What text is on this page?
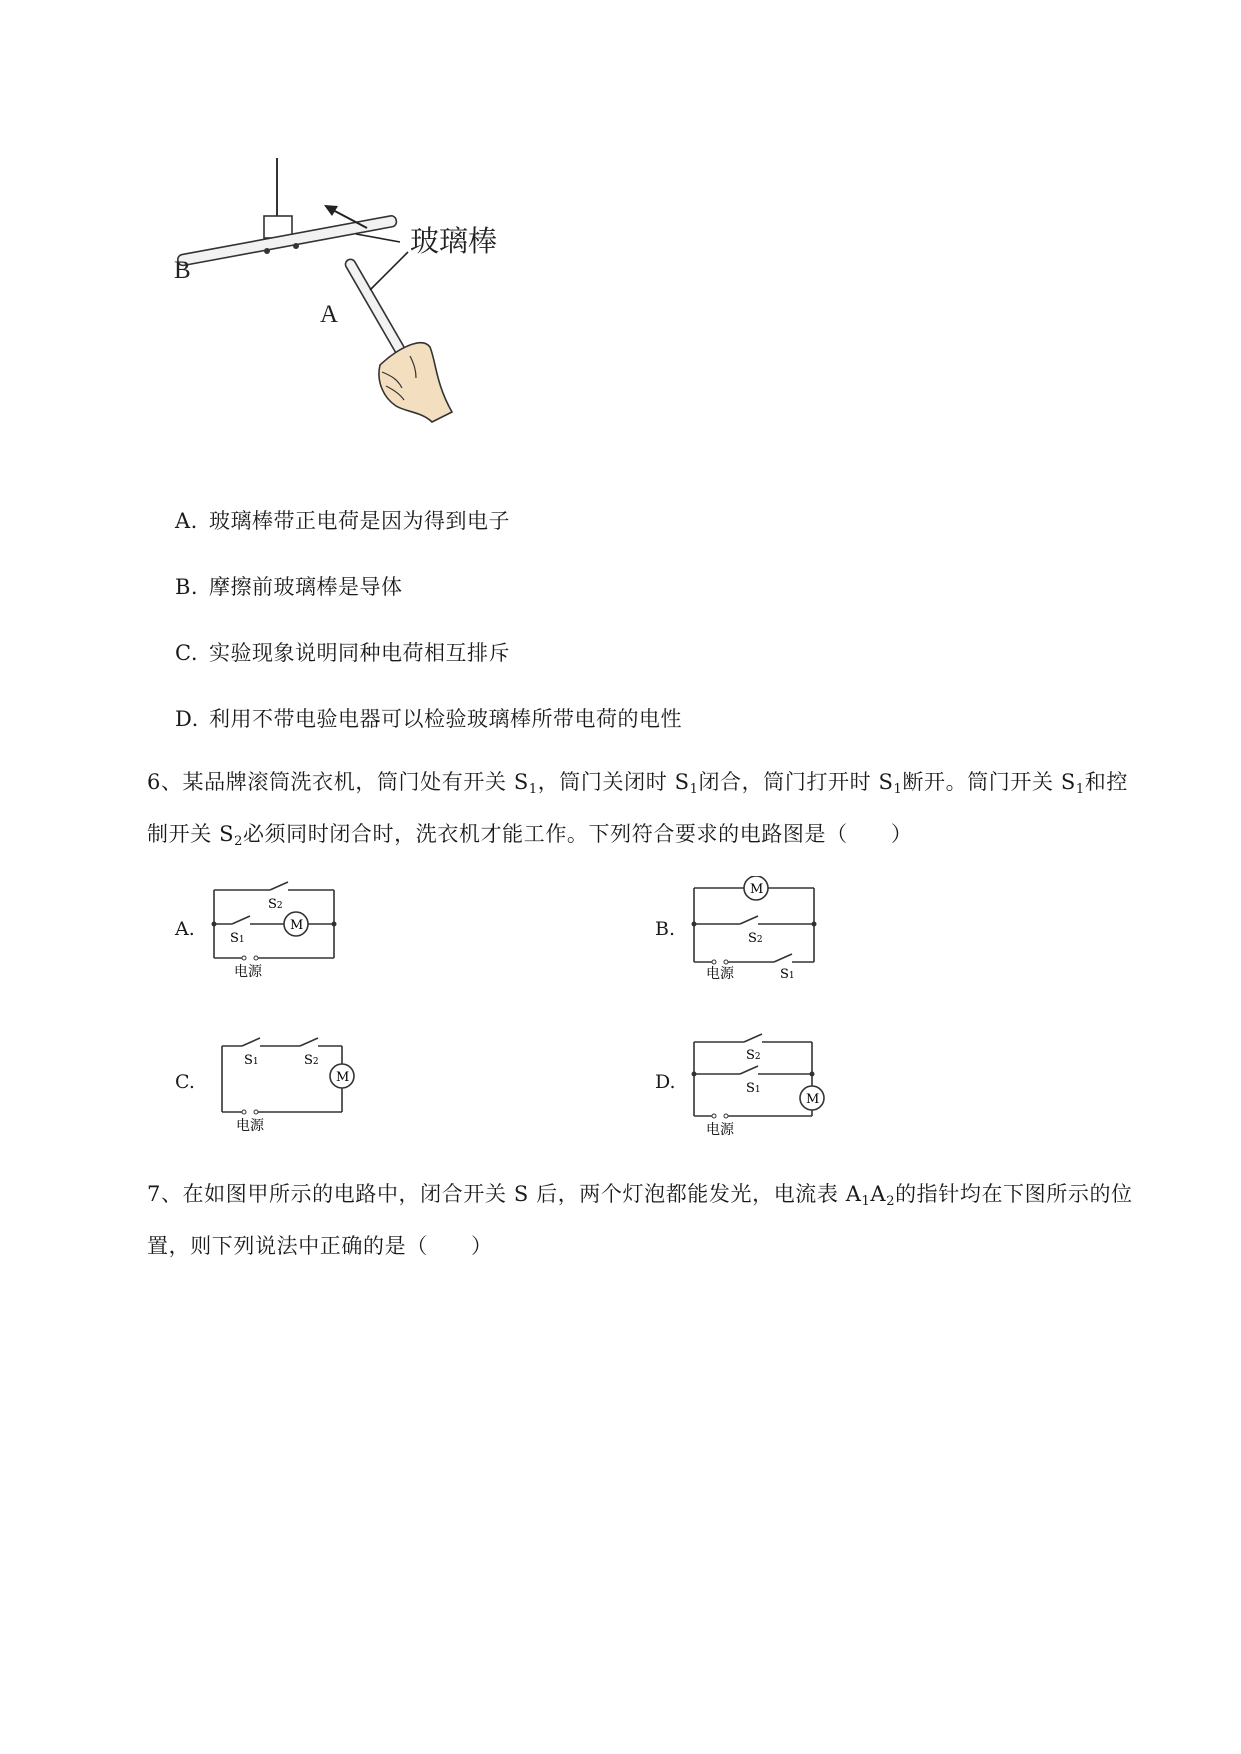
玻璃棒
B
A
A. 玻璃棒带正电荷是因为得到电子
B. 摩擦前玻璃棒是导体
C. 实验现象说明同种电荷相互排斥
D. 利用不带电验电器可以检验玻璃棒所带电荷的电性
6、某品牌滚筒洗衣机，筒门处有开关 $S_1$，筒门关闭时 $S_1$闭合，筒门打开时 $S_1$断开。筒门开关 $S_1$和控
制开关 $S_2$必须同时闭合时，洗衣机才能工作。下列符合要求的电路图是（　　）
A.	B.
C.	D.
M
S2
S1
电源
M
S2
电源	S1
M
S1	S2
电源
M
S2
S1
电源
7、在如图甲所示的电路中，闭合开关 S 后，两个灯泡都能发光，电流表 $A_1A_2$的指针均在下图所示的位
置，则下列说法中正确的是（　　）
